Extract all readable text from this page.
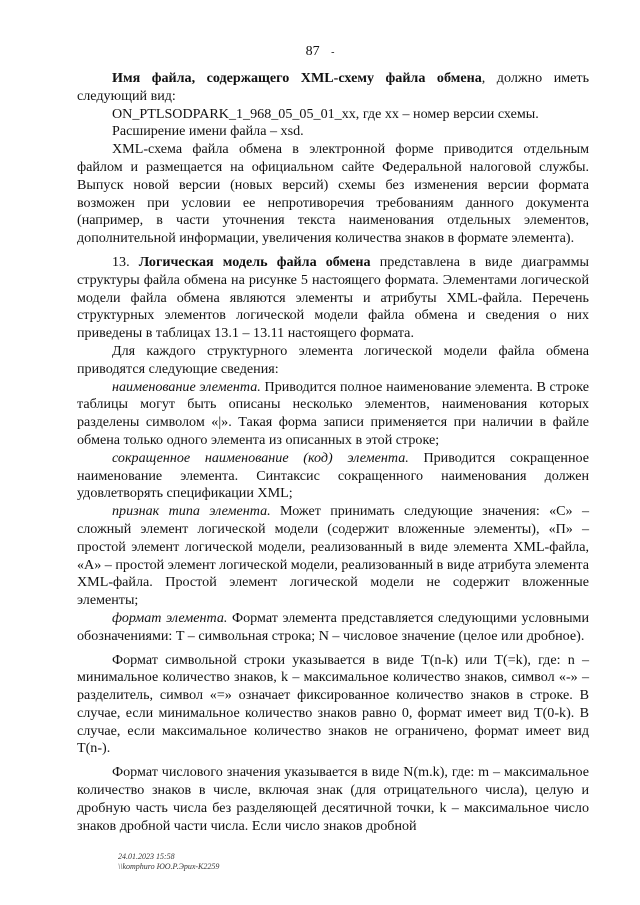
87 -

Имя файла, содержащего XML-схему файла обмена, должно иметь следующий вид:

ON_PTLSODPARK_1_968_05_05_01_xx, где xx – номер версии схемы.

Расширение имени файла – xsd.

XML-схема файла обмена в электронной форме приводится отдельным файлом и размещается на официальном сайте Федеральной налоговой службы. Выпуск новой версии (новых версий) схемы без изменения версии формата возможен при условии ее непротиворечия требованиям данного документа (например, в части уточнения текста наименования отдельных элементов, дополнительной информации, увеличения количества знаков в формате элемента).

13. Логическая модель файла обмена представлена в виде диаграммы структуры файла обмена на рисунке 5 настоящего формата. Элементами логической модели файла обмена являются элементы и атрибуты XML-файла. Перечень структурных элементов логической модели файла обмена и сведения о них приведены в таблицах 13.1 – 13.11 настоящего формата.

Для каждого структурного элемента логической модели файла обмена приводятся следующие сведения:

наименование элемента. Приводится полное наименование элемента. В строке таблицы могут быть описаны несколько элементов, наименования которых разделены символом «|». Такая форма записи применяется при наличии в файле обмена только одного элемента из описанных в этой строке;

сокращенное наименование (код) элемента. Приводится сокращенное наименование элемента. Синтаксис сокращенного наименования должен удовлетворять спецификации XML;

признак типа элемента. Может принимать следующие значения: «С» – сложный элемент логической модели (содержит вложенные элементы), «П» – простой элемент логической модели, реализованный в виде элемента XML-файла, «А» – простой элемент логической модели, реализованный в виде атрибута элемента XML-файла. Простой элемент логической модели не содержит вложенные элементы;

формат элемента. Формат элемента представляется следующими условными обозначениями: T – символьная строка; N – числовое значение (целое или дробное).

Формат символьной строки указывается в виде T(n-k) или T(=k), где: n – минимальное количество знаков, k – максимальное количество знаков, символ «-» – разделитель, символ «=» означает фиксированное количество знаков в строке. В случае, если минимальное количество знаков равно 0, формат имеет вид T(0-k). В случае, если максимальное количество знаков не ограничено, формат имеет вид T(n-).

Формат числового значения указывается в виде N(m.k), где: m – максимальное количество знаков в числе, включая знак (для отрицательного числа), целую и дробную часть числа без разделяющей десятичной точки, k – максимальное число знаков дробной части числа. Если число знаков дробной

24.01.2023 15:58
\\komphuro ЮО.Р.Эрих-К2259
